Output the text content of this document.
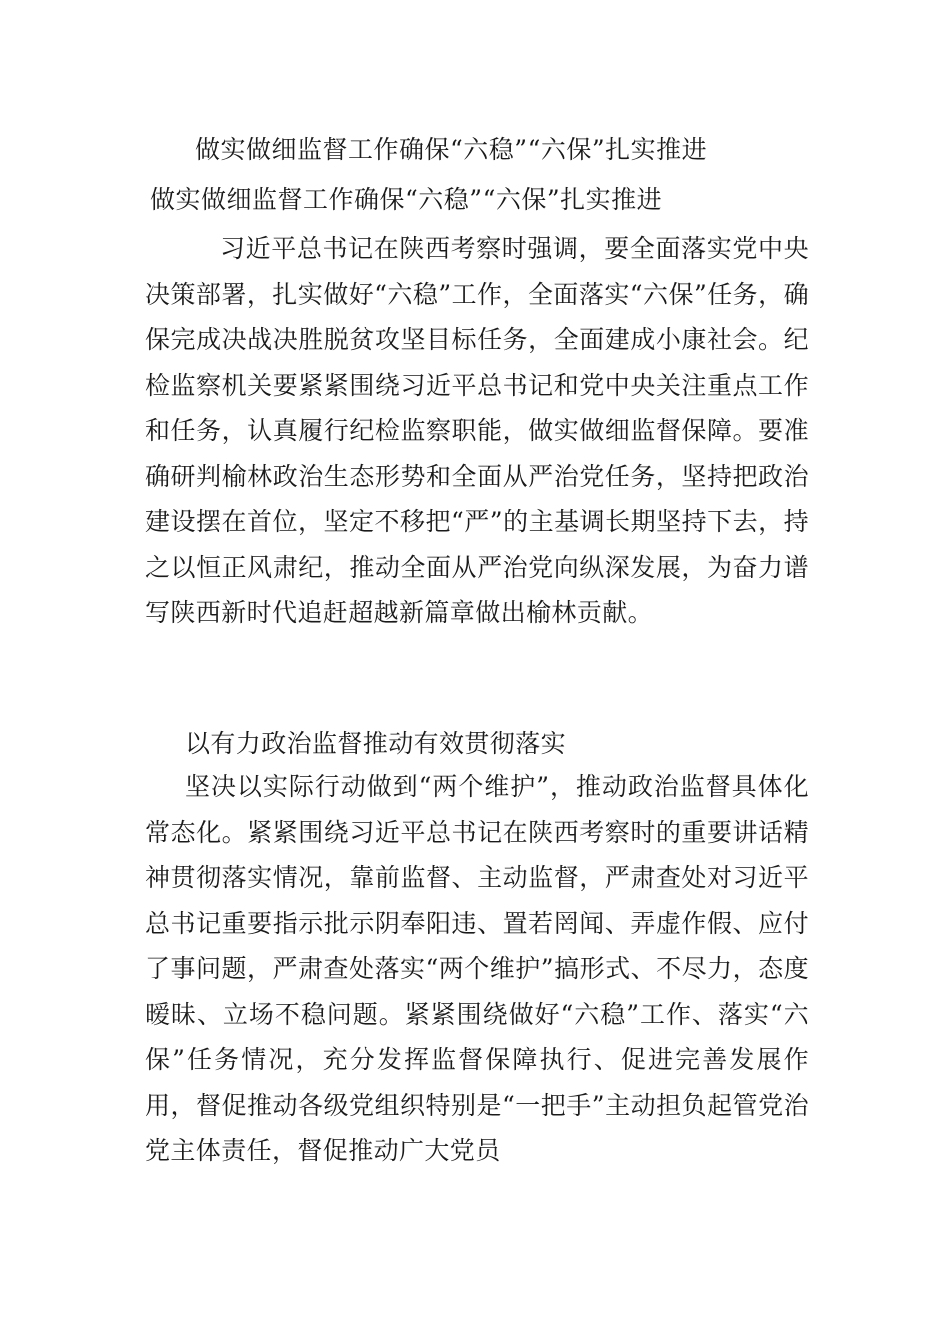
做实做细监督工作确保“六稳”“六保”扎实推进
做实做细监督工作确保“六稳”“六保”扎实推进

习近平总书记在陕西考察时强调，要全面落实党中央决策部署，扎实做好“六稳”工作，全面落实“六保”任务，确保完成决战决胜脱贫攻坚目标任务，全面建成小康社会。纪检监察机关要紧紧围绕习近平总书记和党中央关注重点工作和任务，认真履行纪检监察职能，做实做细监督保障。要准确研判榆林政治生态形势和全面从严治党任务，坚持把政治建设摆在首位，坚定不移把“严”的主基调长期坚持下去，持之以恒正风肃纪，推动全面从严治党向纵深发展，为奋力谱写陕西新时代追赶超越新篇章做出榆林贡献。

以有力政治监督推动有效贯彻落实

坚决以实际行动做到“两个维护”，推动政治监督具体化常态化。紧紧围绕习近平总书记在陕西考察时的重要讲话精神贯彻落实情况，靠前监督、主动监督，严肃查处对习近平总书记重要指示批示阴奉阳违、置若罔闻、弄虚作假、应付了事问题，严肃查处落实“两个维护”搞形式、不尽力，态度暧昧、立场不稳问题。紧紧围绕做好“六稳”工作、落实“六保”任务情况，充分发挥监督保障执行、促进完善发展作用，督促推动各级党组织特别是“一把手”主动担负起管党治党主体责任，督促推动广大党员
